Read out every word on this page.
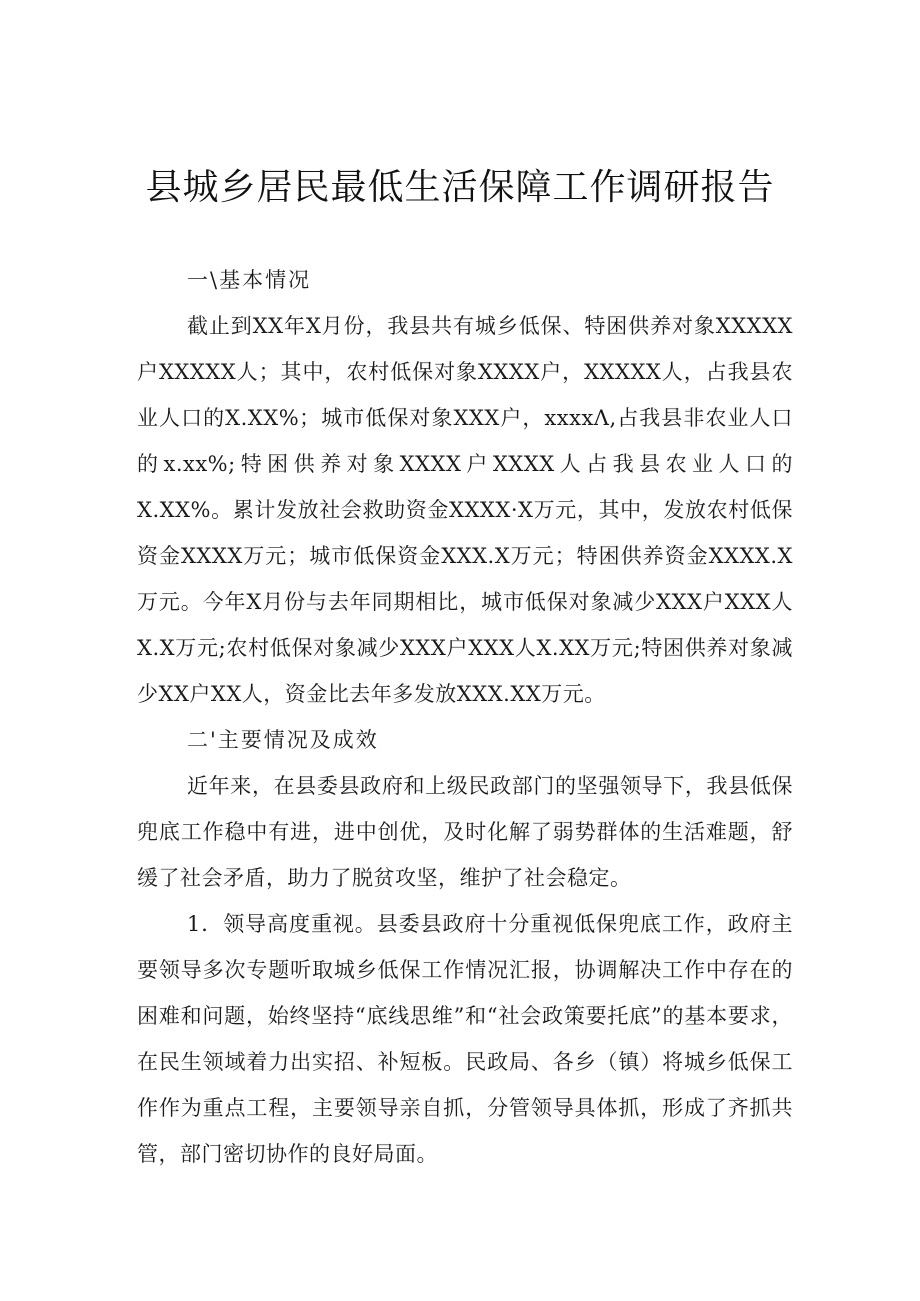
县城乡居民最低生活保障工作调研报告

一\基本情况

截止到XX年X月份，我县共有城乡低保、特困供养对象XXXXX户XXXXX人；其中，农村低保对象XXXX户，XXXXX人，占我县农业人口的X.XX%；城市低保对象XXX户，xxxxΛ,占我县非农业人口的x.xx%;特困供养对象XXXX户XXXX人占我县农业人口的X.XX%。累计发放社会救助资金XXXX·X万元，其中，发放农村低保资金XXXX万元；城市低保资金XXX.X万元；特困供养资金XXXX.X万元。今年X月份与去年同期相比，城市低保对象减少XXX户XXX人X.X万元;农村低保对象减少XXX户XXX人X.XX万元;特困供养对象减少XX户XX人，资金比去年多发放XXX.XX万元。

二'主要情况及成效

近年来，在县委县政府和上级民政部门的坚强领导下，我县低保兜底工作稳中有进，进中创优，及时化解了弱势群体的生活难题，舒缓了社会矛盾，助力了脱贫攻坚，维护了社会稳定。

1．领导高度重视。县委县政府十分重视低保兜底工作，政府主要领导多次专题听取城乡低保工作情况汇报，协调解决工作中存在的困难和问题，始终坚持“底线思维”和“社会政策要托底”的基本要求，在民生领域着力出实招、补短板。民政局、各乡（镇）将城乡低保工作作为重点工程，主要领导亲自抓，分管领导具体抓，形成了齐抓共管，部门密切协作的良好局面。
